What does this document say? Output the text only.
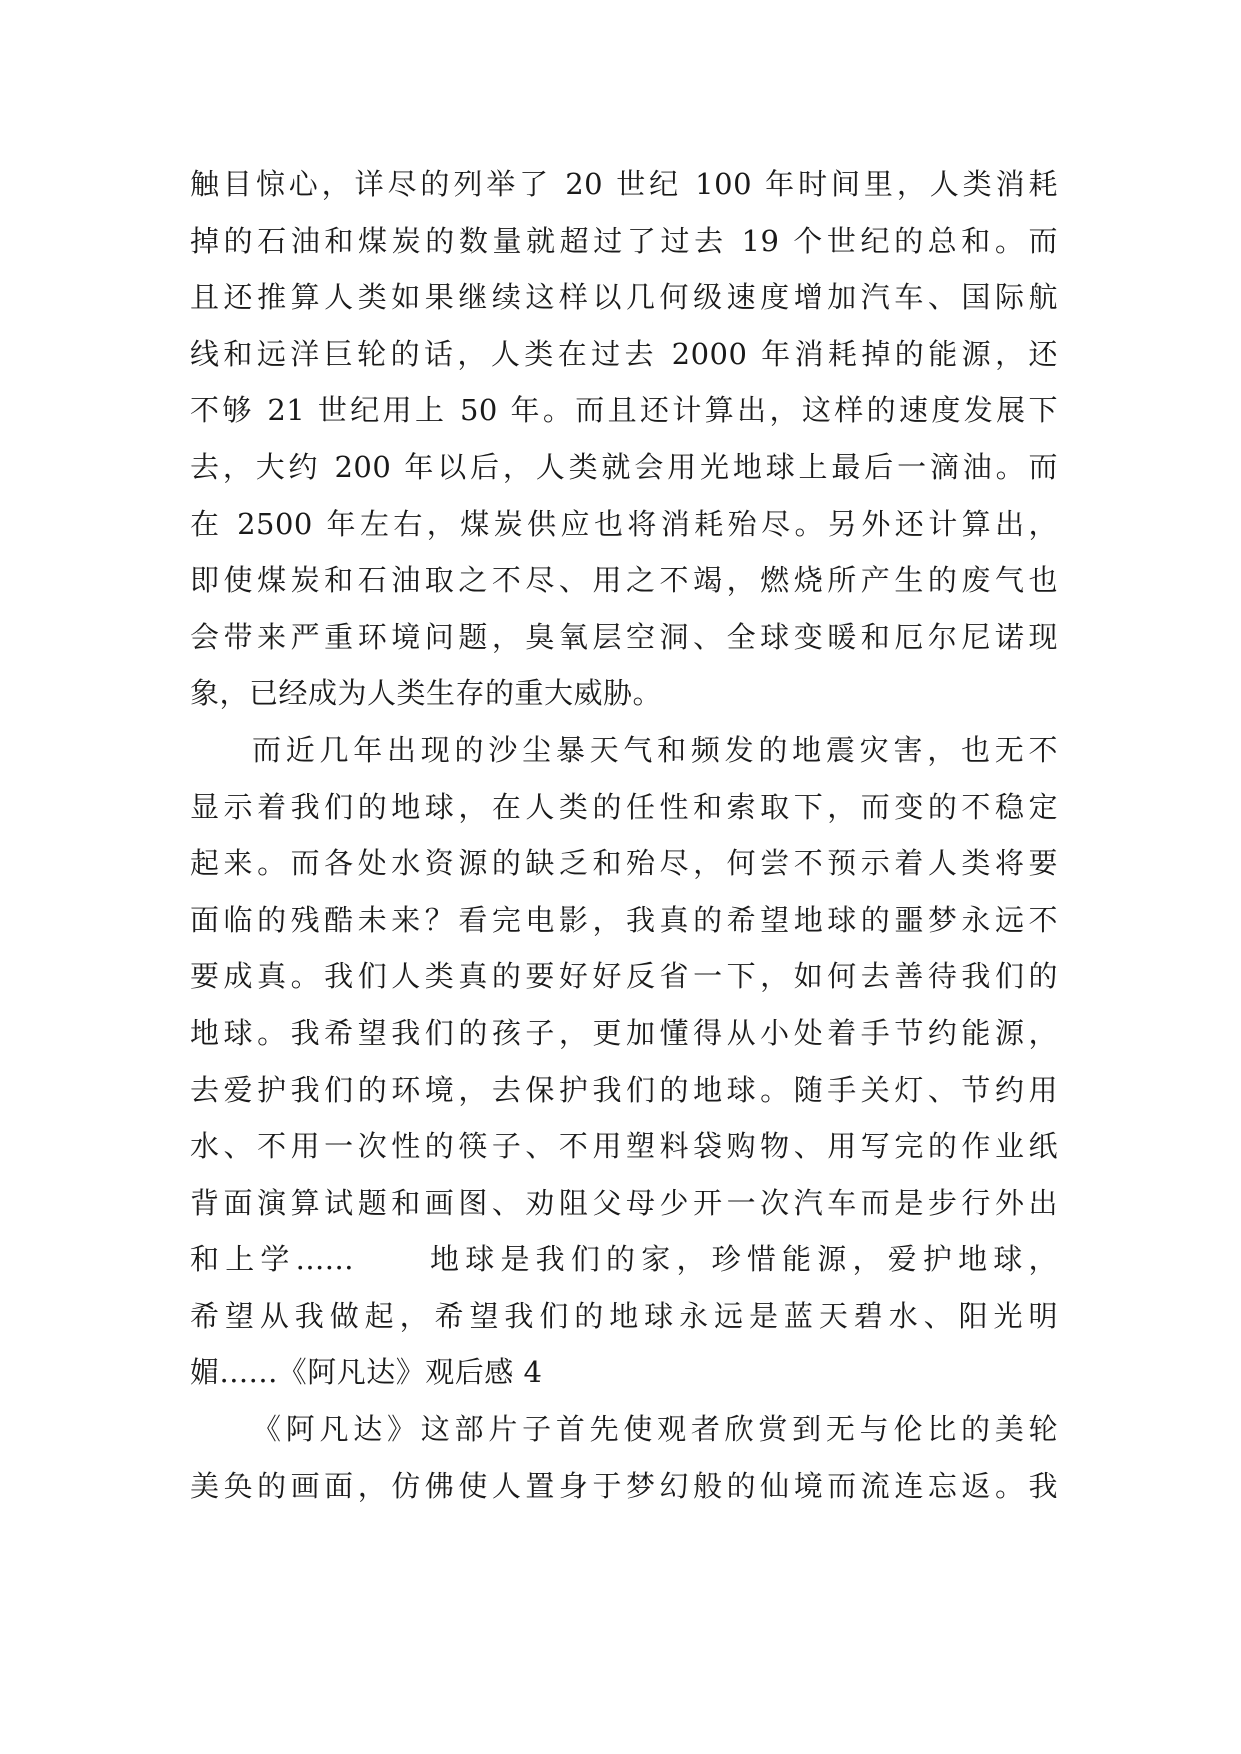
触目惊心，详尽的列举了 20 世纪 100 年时间里，人类消耗
掉的石油和煤炭的数量就超过了过去 19 个世纪的总和。而
且还推算人类如果继续这样以几何级速度增加汽车、国际航
线和远洋巨轮的话，人类在过去 2000 年消耗掉的能源，还
不够 21 世纪用上 50 年。而且还计算出，这样的速度发展下
去，大约 200 年以后，人类就会用光地球上最后一滴油。而
在 2500 年左右，煤炭供应也将消耗殆尽。另外还计算出，
即使煤炭和石油取之不尽、用之不竭，燃烧所产生的废气也
会带来严重环境问题，臭氧层空洞、全球变暖和厄尔尼诺现
象，已经成为人类生存的重大威胁。
而近几年出现的沙尘暴天气和频发的地震灾害，也无不
显示着我们的地球，在人类的任性和索取下，而变的不稳定
起来。而各处水资源的缺乏和殆尽，何尝不预示着人类将要
面临的残酷未来？看完电影，我真的希望地球的噩梦永远不
要成真。我们人类真的要好好反省一下，如何去善待我们的
地球。我希望我们的孩子，更加懂得从小处着手节约能源，
去爱护我们的环境，去保护我们的地球。随手关灯、节约用
水、不用一次性的筷子、不用塑料袋购物、用写完的作业纸
背面演算试题和画图、劝阻父母少开一次汽车而是步行外出
和上学......　　地球是我们的家，珍惜能源，爱护地球，
希望从我做起，希望我们的地球永远是蓝天碧水、阳光明
媚......《阿凡达》观后感 4
《阿凡达》这部片子首先使观者欣赏到无与伦比的美轮
美奂的画面，仿佛使人置身于梦幻般的仙境而流连忘返。我
